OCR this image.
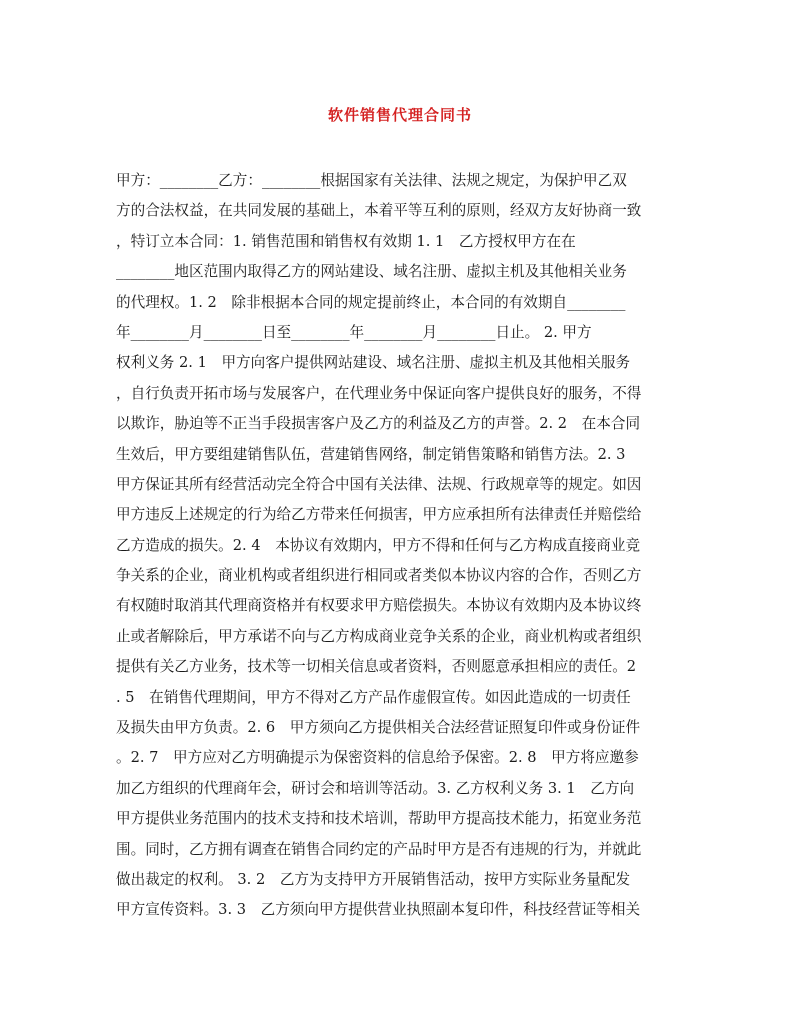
软件销售代理合同书
甲方：________乙方：________根据国家有关法律、法规之规定，为保护甲乙双
方的合法权益，在共同发展的基础上，本着平等互利的原则，经双方友好协商一致
，特订立本合同：1. 销售范围和销售权有效期 1. 1　乙方授权甲方在在
________地区范围内取得乙方的网站建设、域名注册、虚拟主机及其他相关业务
的代理权。1. 2　除非根据本合同的规定提前终止，本合同的有效期自________
年________月________日至________年________月________日止。 2. 甲方
权利义务 2. 1　甲方向客户提供网站建设、域名注册、虚拟主机及其他相关服务
，自行负责开拓市场与发展客户，在代理业务中保证向客户提供良好的服务，不得
以欺诈，胁迫等不正当手段损害客户及乙方的利益及乙方的声誉。2. 2　在本合同
生效后，甲方要组建销售队伍，营建销售网络，制定销售策略和销售方法。2. 3
甲方保证其所有经营活动完全符合中国有关法律、法规、行政规章等的规定。如因
甲方违反上述规定的行为给乙方带来任何损害，甲方应承担所有法律责任并赔偿给
乙方造成的损失。2. 4　本协议有效期内，甲方不得和任何与乙方构成直接商业竞
争关系的企业，商业机构或者组织进行相同或者类似本协议内容的合作，否则乙方
有权随时取消其代理商资格并有权要求甲方赔偿损失。本协议有效期内及本协议终
止或者解除后，甲方承诺不向与乙方构成商业竞争关系的企业，商业机构或者组织
提供有关乙方业务，技术等一切相关信息或者资料，否则愿意承担相应的责任。2
. 5　在销售代理期间，甲方不得对乙方产品作虚假宣传。如因此造成的一切责任
及损失由甲方负责。2. 6　甲方须向乙方提供相关合法经营证照复印件或身份证件
。2. 7　甲方应对乙方明确提示为保密资料的信息给予保密。2. 8　甲方将应邀参
加乙方组织的代理商年会，研讨会和培训等活动。3. 乙方权利义务 3. 1　乙方向
甲方提供业务范围内的技术支持和技术培训，帮助甲方提高技术能力，拓宽业务范
围。同时，乙方拥有调查在销售合同约定的产品时甲方是否有违规的行为，并就此
做出裁定的权利。 3. 2　乙方为支持甲方开展销售活动，按甲方实际业务量配发
甲方宣传资料。3. 3　乙方须向甲方提供营业执照副本复印件，科技经营证等相关
